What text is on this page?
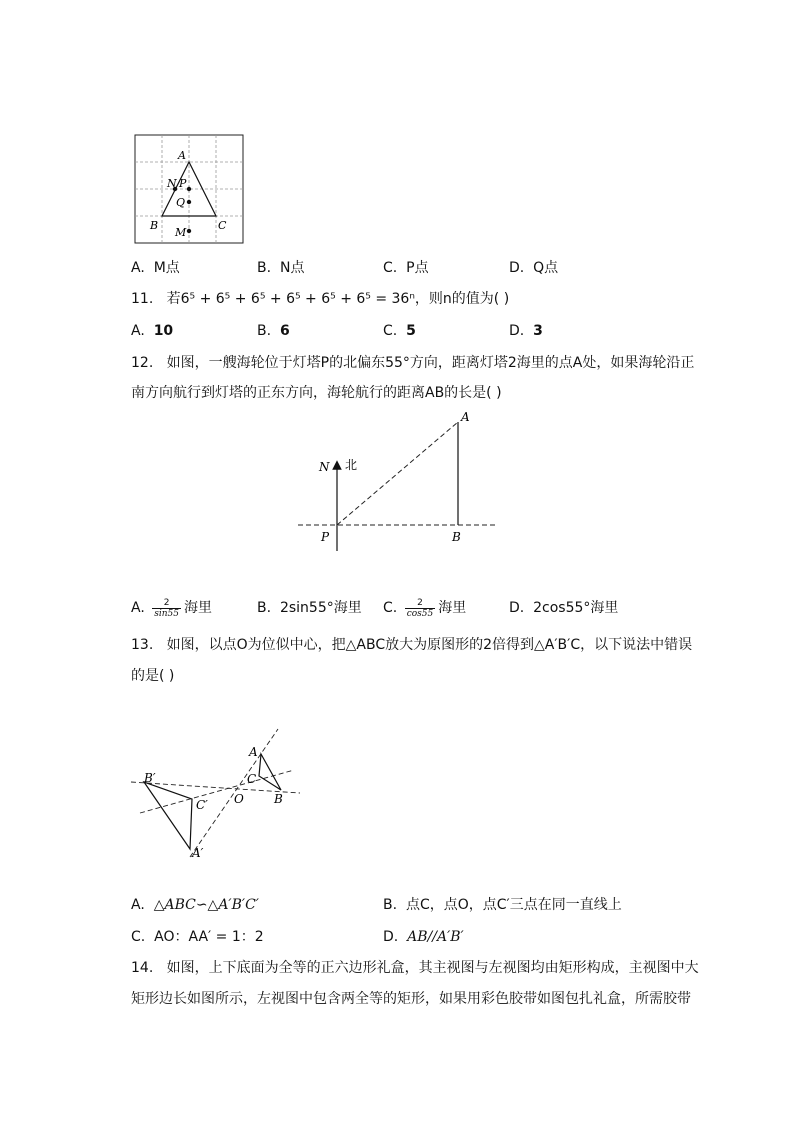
A
N P
Q
B	C
M
A. M点	B. N点	C. P点	D. Q点
11. 若6⁵ + 6⁵ + 6⁵ + 6⁵ + 6⁵ + 6⁵ = 36ⁿ，则n的值为( )
A. 10	B. 6	C. 5	D. 3
12. 如图，一艘海轮位于灯塔P的北偏东55°方向，距离灯塔2海里的点A处，如果海轮沿正
南方向航行到灯塔的正东方向，海轮航行的距离AB的长是( )
A
N 北
P	B
A. $\frac{2}{\sin 55}$ 海里	B. 2sin55°海里 C. $\frac{2}{\cos 55}$ 海里	D. 2cos55°海里
13. 如图，以点O为位似中心，把△ABC放大为原图形的2倍得到△A′B′C，以下说法中错误
的是( )
A
C
B
O
B′
C′
A′
A. △ABC∽△A′B′C′	B. 点C，点O，点C′三点在同一直线上
C. AO：AA′ = 1：2	D. AB//A′B′
14. 如图，上下底面为全等的正六边形礼盒，其主视图与左视图均由矩形构成，主视图中大
矩形边长如图所示，左视图中包含两全等的矩形，如果用彩色胶带如图包扎礼盒，所需胶带
